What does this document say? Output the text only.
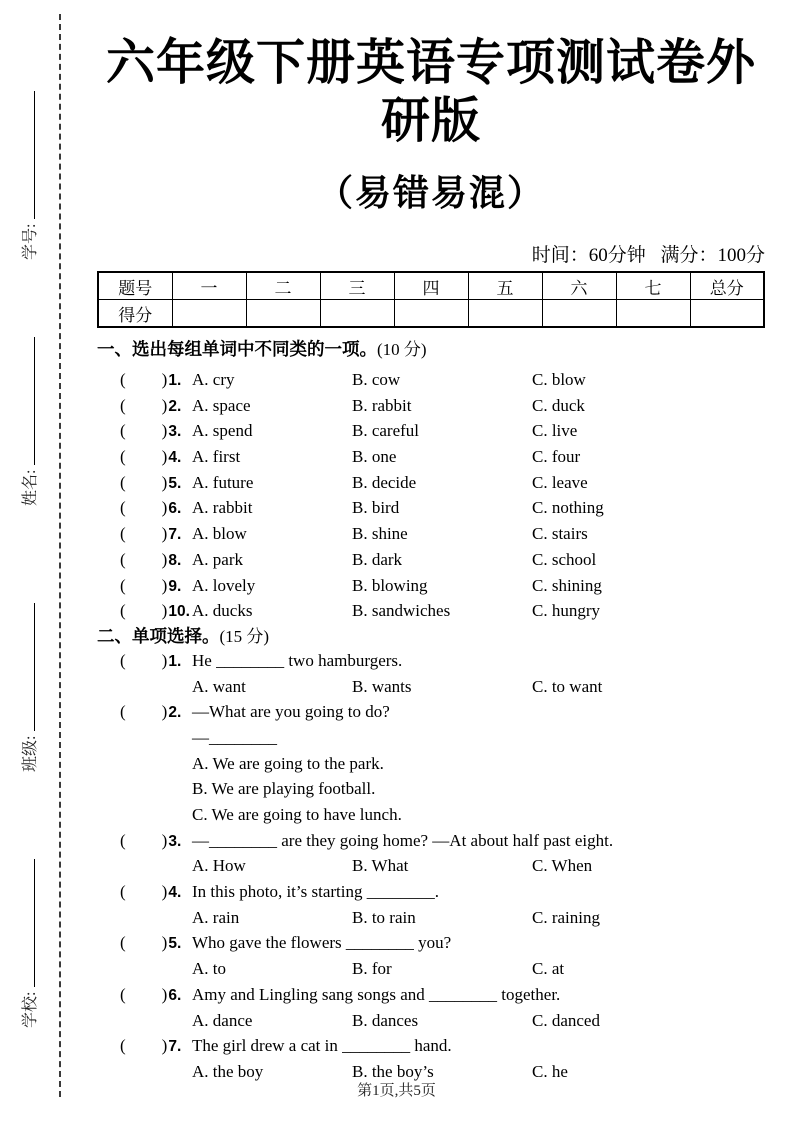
学号:
姓名:
班级:
学校:
六年级下册英语专项测试卷外研版
（易错易混）
时间：60分钟 满分：100分
题号	一	二	三	四	五	六	七	总分
得分								
一、选出每组单词中不同类的一项。(10 分)
( )1. A. cry	B. cow	C. blow
( )2. A. space	B. rabbit	C. duck
( )3. A. spend	B. careful	C. live
( )4. A. first	B. one	C. four
( )5. A. future	B. decide	C. leave
( )6. A. rabbit	B. bird	C. nothing
( )7. A. blow	B. shine	C. stairs
( )8. A. park	B. dark	C. school
( )9. A. lovely	B. blowing	C. shining
( )10. A. ducks	B. sandwiches	C. hungry
二、单项选择。(15 分)
( )1. He ________ two hamburgers.
A. want	B. wants	C. to want
( )2. —What are you going to do?
—________
A. We are going to the park.
B. We are playing football.
C. We are going to have lunch.
( )3. —________ are they going home? —At about half past eight.
A. How	B. What	C. When
( )4. In this photo, it’s starting ________.
A. rain	B. to rain	C. raining
( )5. Who gave the flowers ________ you?
A. to	B. for	C. at
( )6. Amy and Lingling sang songs and ________ together.
A. dance	B. dances	C. danced
( )7. The girl drew a cat in ________ hand.
A. the boy	B. the boy’s	C. he
第1页,共5页
